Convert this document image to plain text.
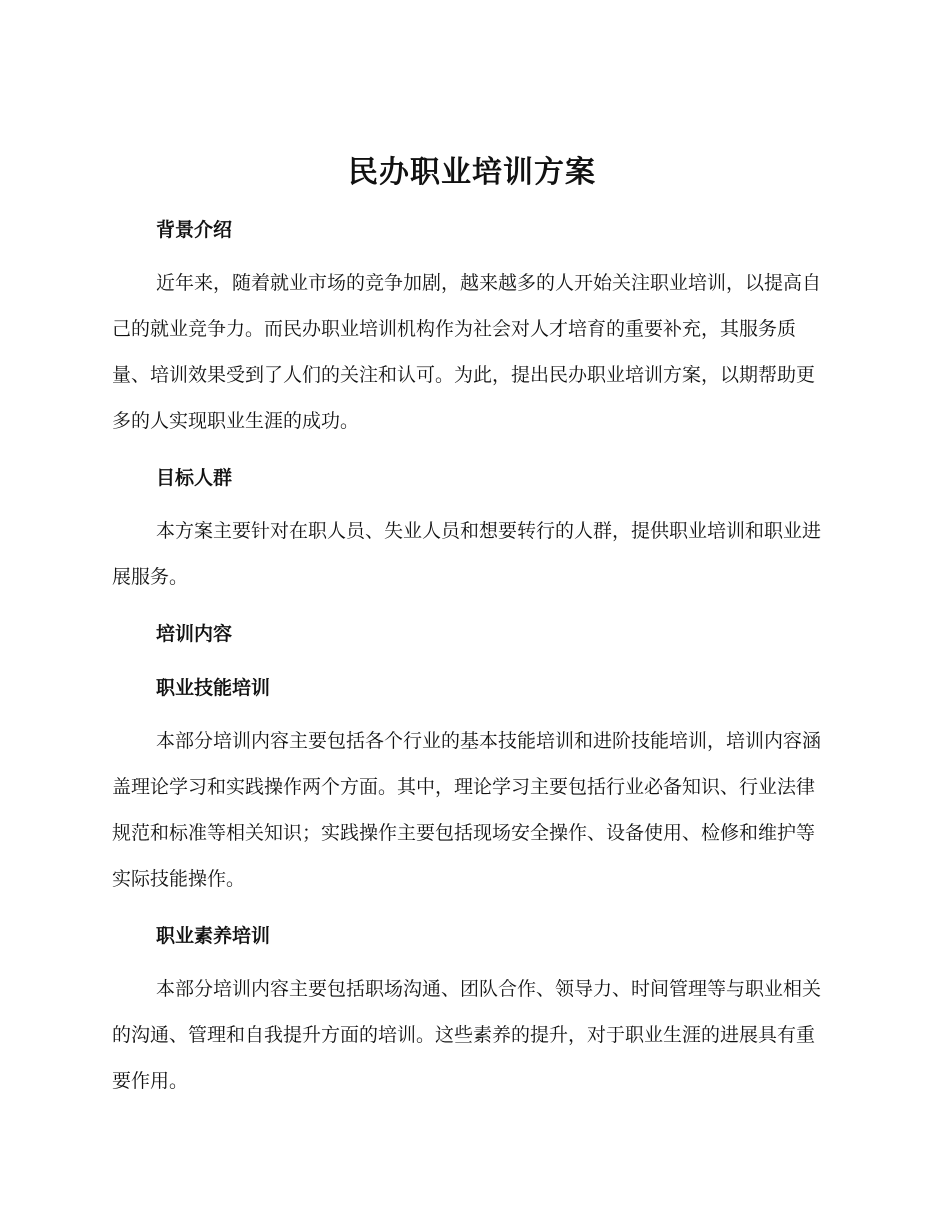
民办职业培训方案
背景介绍

近年来，随着就业市场的竞争加剧，越来越多的人开始关注职业培训，以提高自己的就业竞争力。而民办职业培训机构作为社会对人才培育的重要补充，其服务质量、培训效果受到了人们的关注和认可。为此，提出民办职业培训方案，以期帮助更多的人实现职业生涯的成功。

目标人群

本方案主要针对在职人员、失业人员和想要转行的人群，提供职业培训和职业进展服务。

培训内容
职业技能培训

本部分培训内容主要包括各个行业的基本技能培训和进阶技能培训，培训内容涵盖理论学习和实践操作两个方面。其中，理论学习主要包括行业必备知识、行业法律规范和标准等相关知识；实践操作主要包括现场安全操作、设备使用、检修和维护等实际技能操作。

职业素养培训

本部分培训内容主要包括职场沟通、团队合作、领导力、时间管理等与职业相关的沟通、管理和自我提升方面的培训。这些素养的提升，对于职业生涯的进展具有重要作用。
